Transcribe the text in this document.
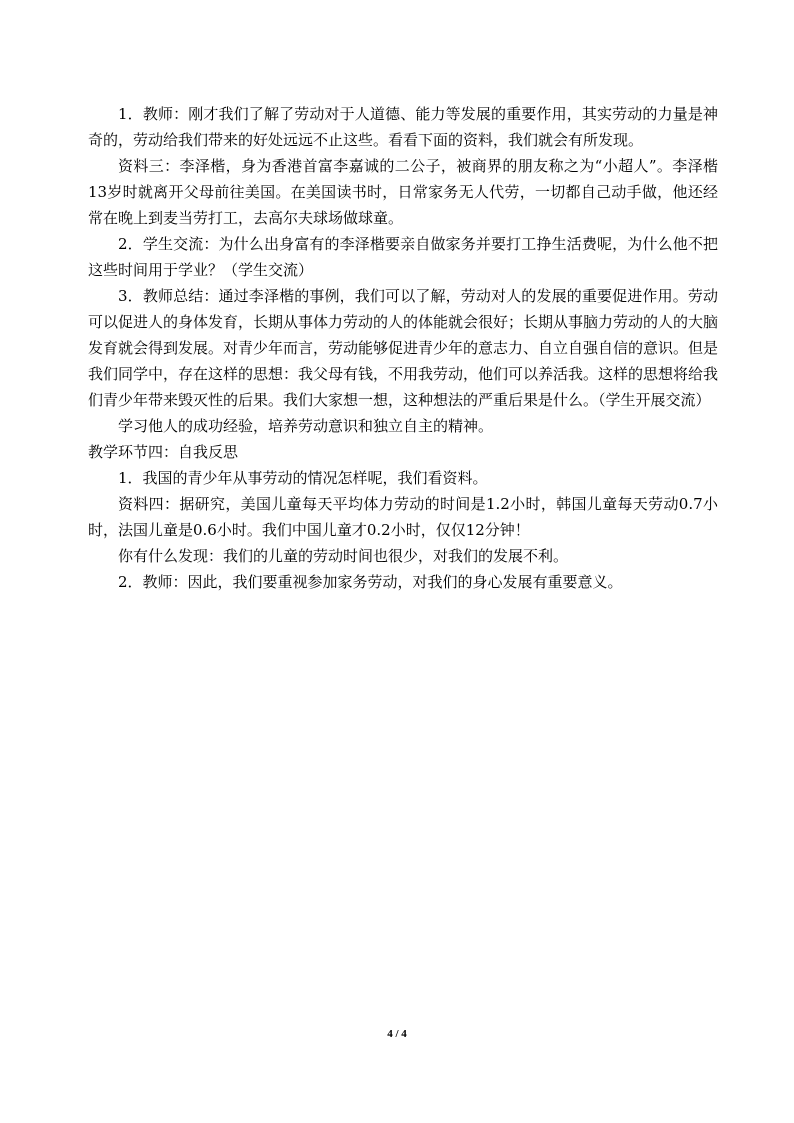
1．教师：刚才我们了解了劳动对于人道德、能力等发展的重要作用，其实劳动的力量是神奇的，劳动给我们带来的好处远远不止这些。看看下面的资料，我们就会有所发现。

资料三：李泽楷，身为香港首富李嘉诚的二公子，被商界的朋友称之为“小超人”。李泽楷　　13岁时就离开父母前往美国。在美国读书时，日常家务无人代劳，一切都自己动手做，他还经常在晚上到麦当劳打工，去高尔夫球场做球童。

2．学生交流：为什么出身富有的李泽楷要亲自做家务并要打工挣生活费呢，为什么他不把这些时间用于学业？（学生交流）

3．教师总结：通过李泽楷的事例，我们可以了解，劳动对人的发展的重要促进作用。劳动可以促进人的身体发育，长期从事体力劳动的人的体能就会很好；长期从事脑力劳动的人的大脑发育就会得到发展。对青少年而言，劳动能够促进青少年的意志力、自立自强自信的意识。但是我们同学中，存在这样的思想：我父母有钱，不用我劳动，他们可以养活我。这样的思想将给我们青少年带来毁灭性的后果。我们大家想一想，这种想法的严重后果是什么。（学生开展交流）

学习他人的成功经验，培养劳动意识和独立自主的精神。

教学环节四：自我反思

1．我国的青少年从事劳动的情况怎样呢，我们看资料。

资料四：据研究，美国儿童每天平均体力劳动的时间是1.2小时，韩国儿童每天劳动0.7小时，法国儿童是0.6小时。我们中国儿童才0.2小时，仅仅12分钟！

你有什么发现：我们的儿童的劳动时间也很少，对我们的发展不利。

2．教师：因此，我们要重视参加家务劳动，对我们的身心发展有重要意义。

4 / 4
